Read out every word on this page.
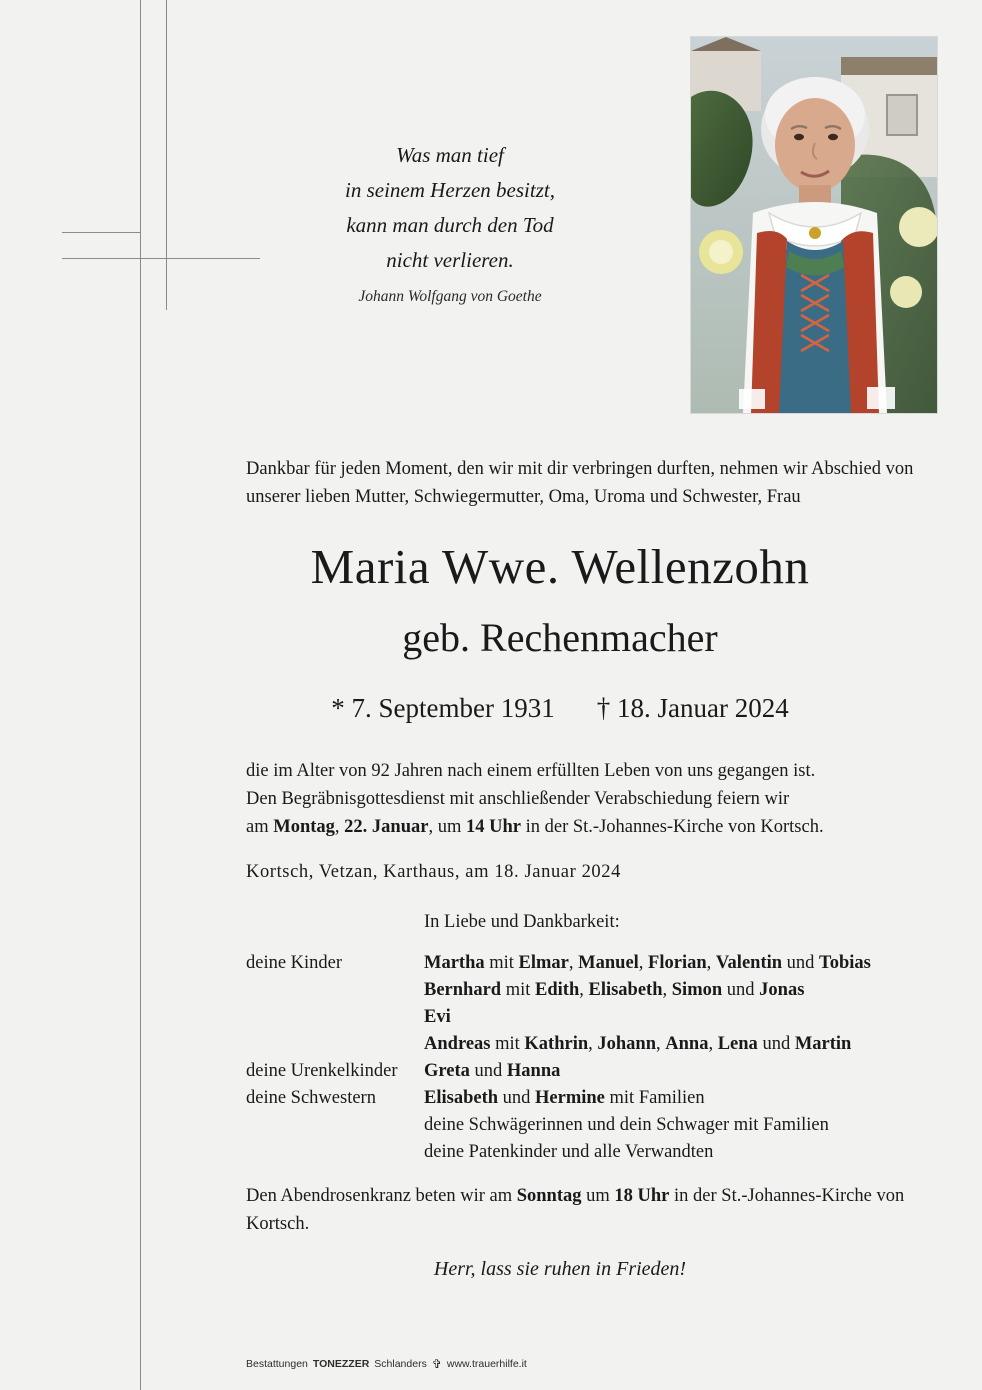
Was man tief
in seinem Herzen besitzt,
kann man durch den Tod
nicht verlieren.
Johann Wolfgang von Goethe
Dankbar für jeden Moment, den wir mit dir verbringen durften, nehmen wir Abschied von unserer lieben Mutter, Schwiegermutter, Oma, Uroma und Schwester, Frau
Maria Wwe. Wellenzohn
geb. Rechenmacher
* 7. September 1931 † 18. Januar 2024
die im Alter von 92 Jahren nach einem erfüllten Leben von uns gegangen ist.
Den Begräbnisgottesdienst mit anschließender Verabschiedung feiern wir
am Montag, 22. Januar, um 14 Uhr in der St.-Johannes-Kirche von Kortsch.
Kortsch, Vetzan, Karthaus, am 18. Januar 2024
In Liebe und Dankbarkeit:
deine Kinder	Martha mit Elmar, Manuel, Florian, Valentin und Tobias
Bernhard mit Edith, Elisabeth, Simon und Jonas
Evi
Andreas mit Kathrin, Johann, Anna, Lena und Martin
deine Urenkelkinder	Greta und Hanna
deine Schwestern	Elisabeth und Hermine mit Familien
deine Schwägerinnen und dein Schwager mit Familien
deine Patenkinder und alle Verwandten
Den Abendrosenkranz beten wir am Sonntag um 18 Uhr in der St.-Johannes-Kirche von Kortsch.
Herr, lass sie ruhen in Frieden!
Bestattungen TONEZZER Schlanders ✞ www.trauerhilfe.it
